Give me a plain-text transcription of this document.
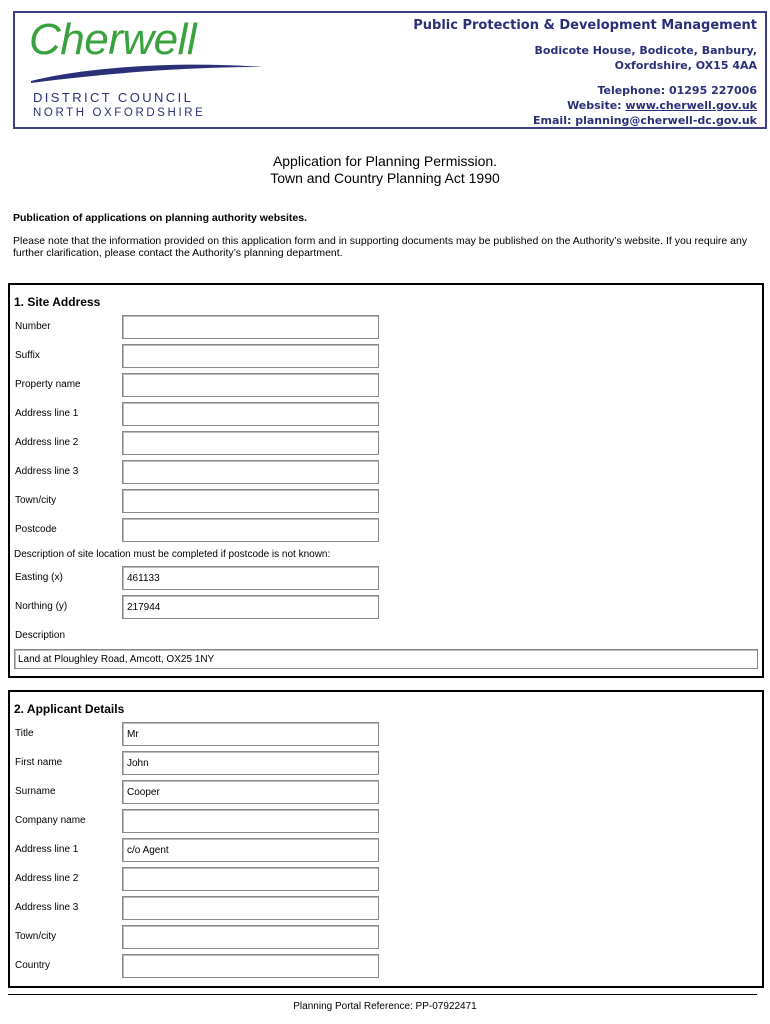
Cherwell
DISTRICT COUNCIL
NORTH OXFORDSHIRE
Public Protection & Development Management
Bodicote House, Bodicote, Banbury,
Oxfordshire, OX15 4AA
Telephone: 01295 227006
Website: www.cherwell.gov.uk
Email: planning@cherwell-dc.gov.uk
Application for Planning Permission.
Town and Country Planning Act 1990
Publication of applications on planning authority websites.
Please note that the information provided on this application form and in supporting documents may be published on the Authority’s website. If you require any further clarification, please contact the Authority’s planning department.
1. Site Address
Number
Suffix
Property name
Address line 1
Address line 2
Address line 3
Town/city
Postcode
Description of site location must be completed if postcode is not known:
Easting (x)	461133
Northing (y)	217944
Description
Land at Ploughley Road, Amcott, OX25 1NY
2. Applicant Details
Title	Mr
First name	John
Surname	Cooper
Company name
Address line 1	c/o Agent
Address line 2
Address line 3
Town/city
Country
Planning Portal Reference: PP-07922471
